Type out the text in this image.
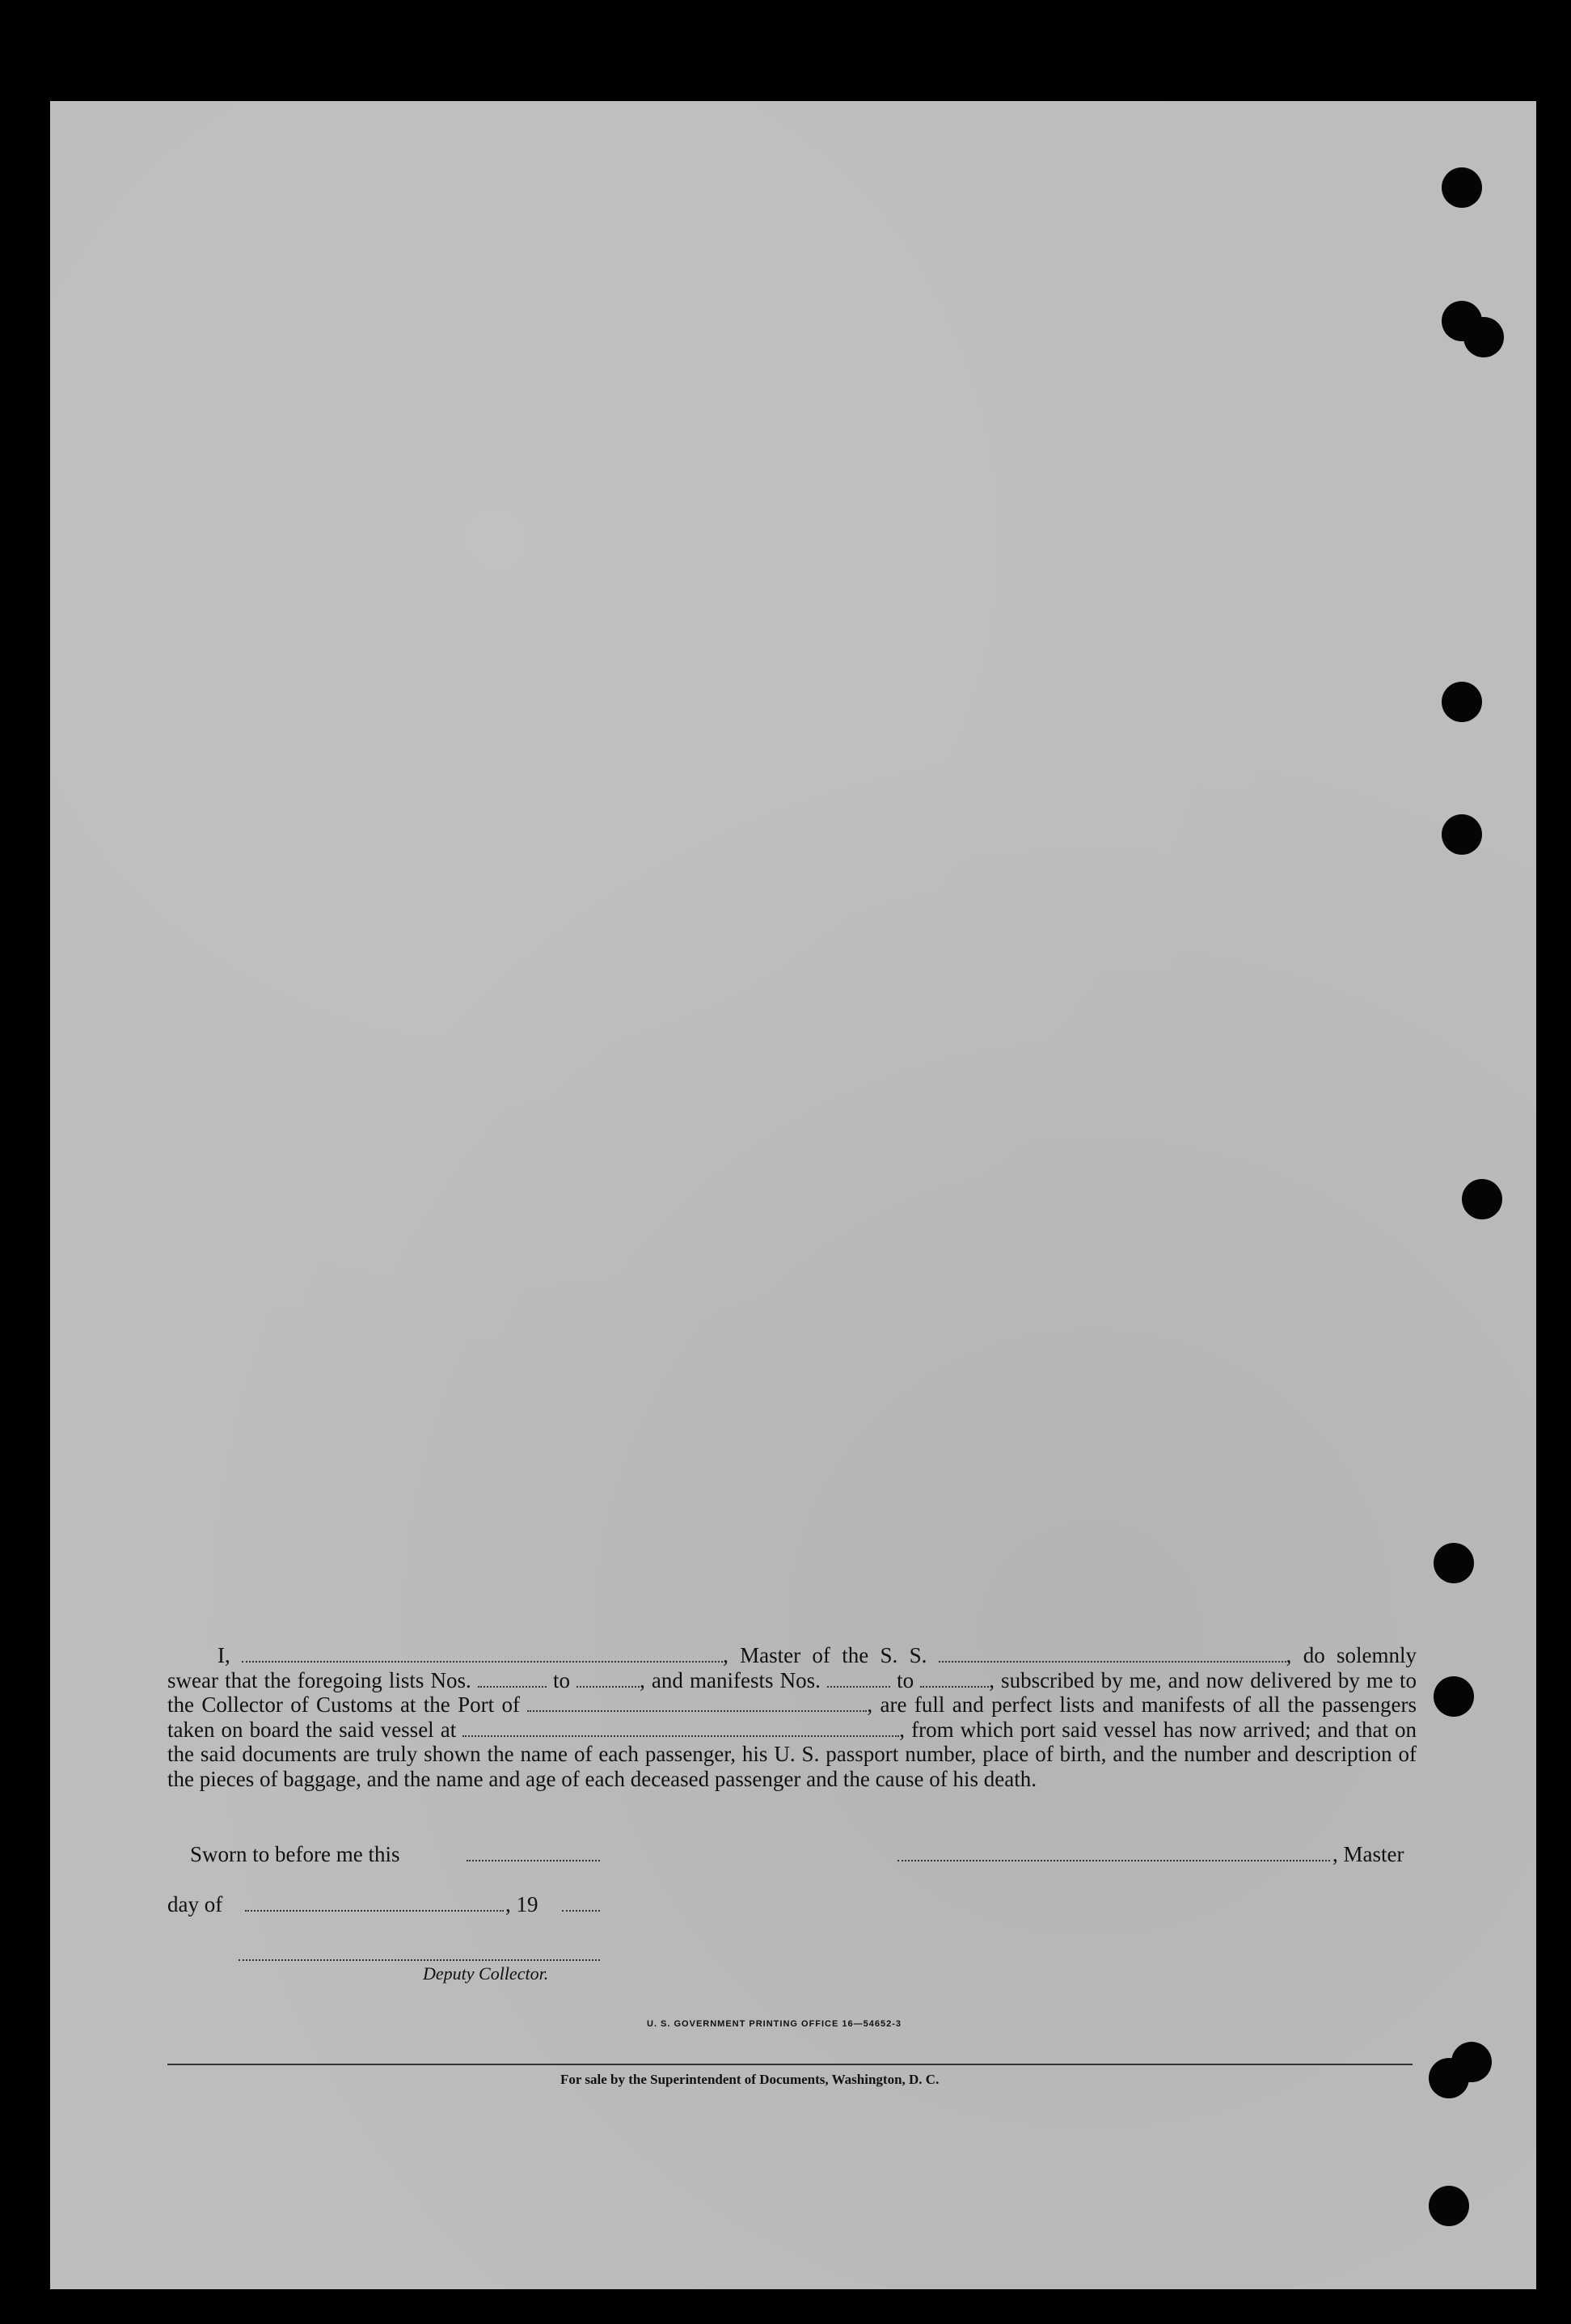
I,	, Master of the S. S.	, do solemnly swear that the foregoing lists Nos.	to	, and manifests Nos.	to	, subscribed by me, and now delivered by me to the Collector of Customs at the Port of	, are full and perfect lists and manifests of all the passengers taken on board the said vessel at	, from which port said vessel has now arrived; and that on the said documents are truly shown the name of each passenger, his U. S. passport number, place of birth, and the number and description of the pieces of baggage, and the name and age of each deceased passenger and the cause of his death.

Sworn to before me this	, Master
day of	, 19
Deputy Collector.
U. S. GOVERNMENT PRINTING OFFICE 16—54652-3
For sale by the Superintendent of Documents, Washington, D. C.
